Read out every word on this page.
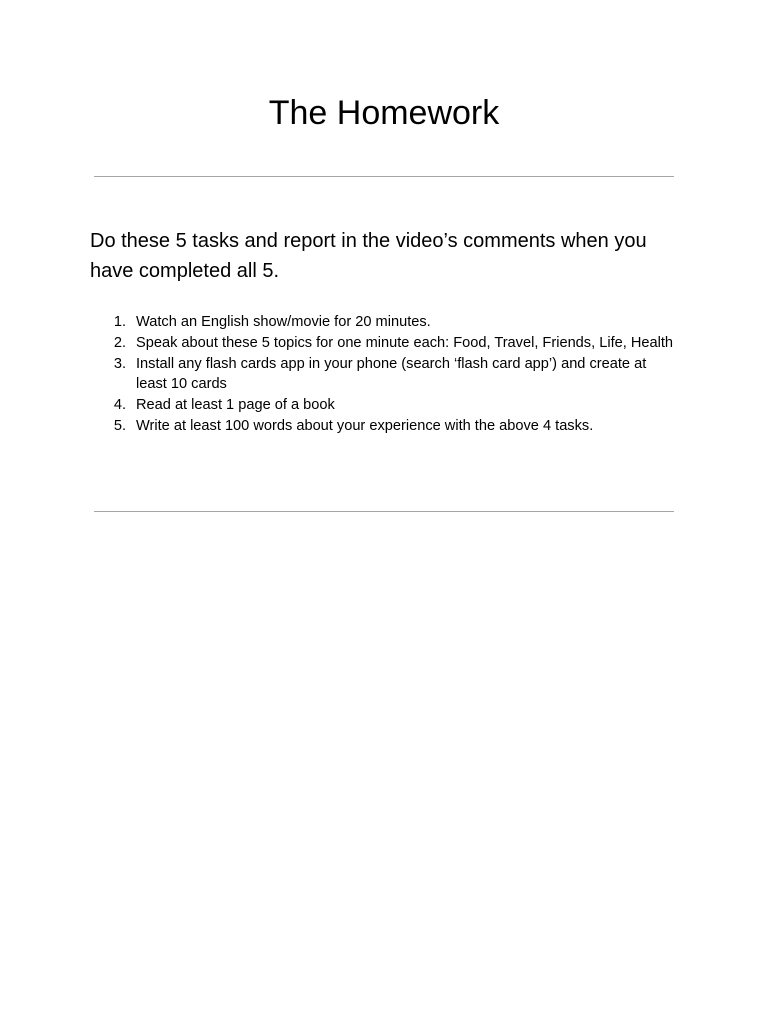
The Homework

Do these 5 tasks and report in the video’s comments when you have completed all 5.

1. Watch an English show/movie for 20 minutes.
2. Speak about these 5 topics for one minute each: Food, Travel, Friends, Life, Health
3. Install any flash cards app in your phone (search ‘flash card app’) and create at least 10 cards
4. Read at least 1 page of a book
5. Write at least 100 words about your experience with the above 4 tasks.
